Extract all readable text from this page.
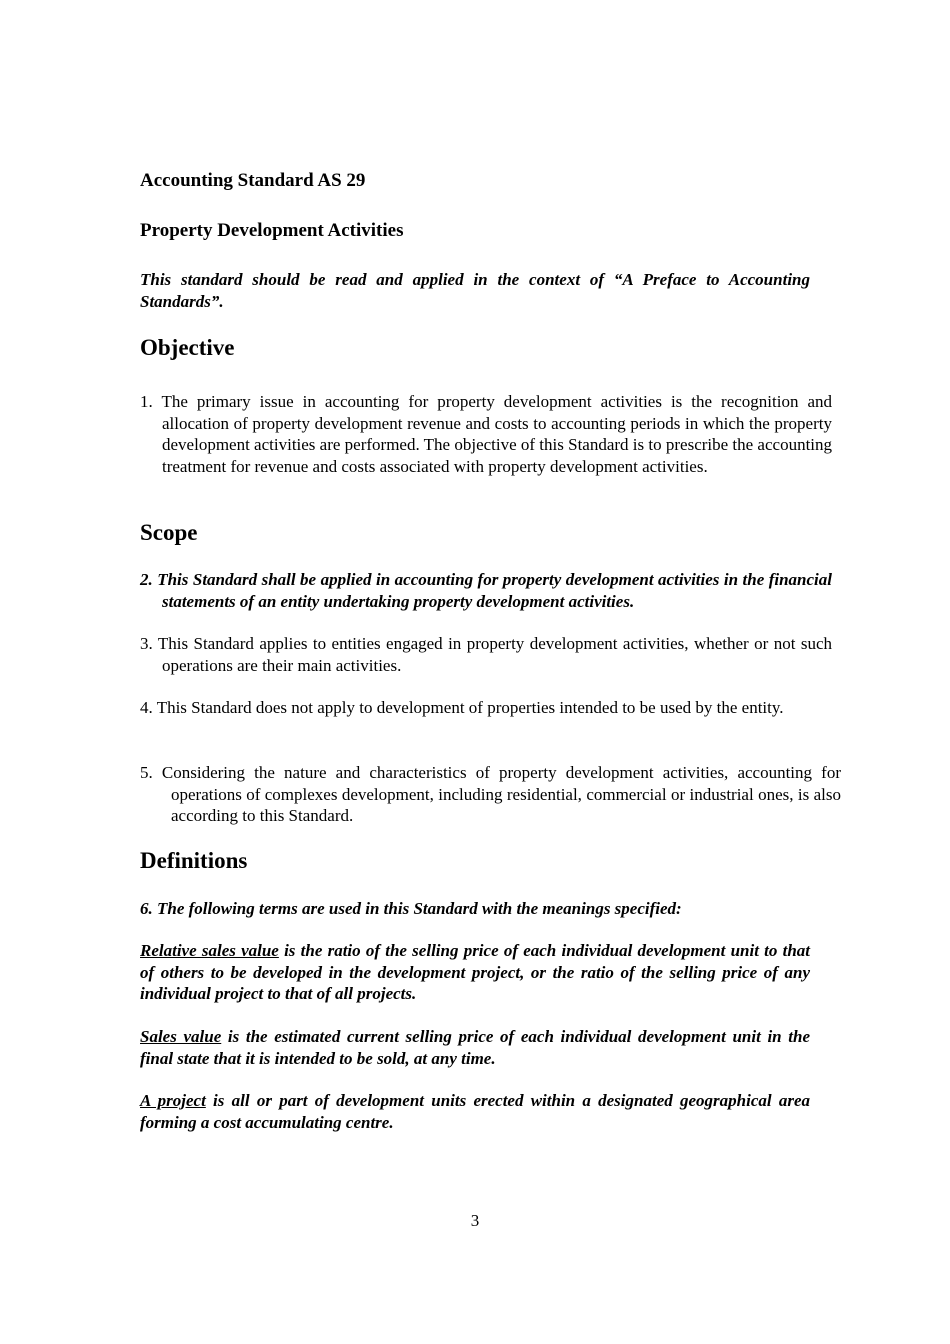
Accounting Standard AS 29
Property Development Activities

This standard should be read and applied in the context of “A Preface to Accounting Standards”.

Objective

1. The primary issue in accounting for property development activities is the recognition and allocation of property development revenue and costs to accounting periods in which the property development activities are performed. The objective of this Standard is to prescribe the accounting treatment for revenue and costs associated with property development activities.

Scope

2. This Standard shall be applied in accounting for property development activities in the financial statements of an entity undertaking property development activities.

3. This Standard applies to entities engaged in property development activities, whether or not such operations are their main activities.

4. This Standard does not apply to development of properties intended to be used by the entity.

5. Considering the nature and characteristics of property development activities, accounting for operations of complexes development, including residential, commercial or industrial ones, is also according to this Standard.

Definitions

6. The following terms are used in this Standard with the meanings specified:

Relative sales value is the ratio of the selling price of each individual development unit to that of others to be developed in the development project, or the ratio of the selling price of any individual project to that of all projects.

Sales value is the estimated current selling price of each individual development unit in the final state that it is intended to be sold, at any time.

A project is all or part of development units erected within a designated geographical area forming a cost accumulating centre.

3
